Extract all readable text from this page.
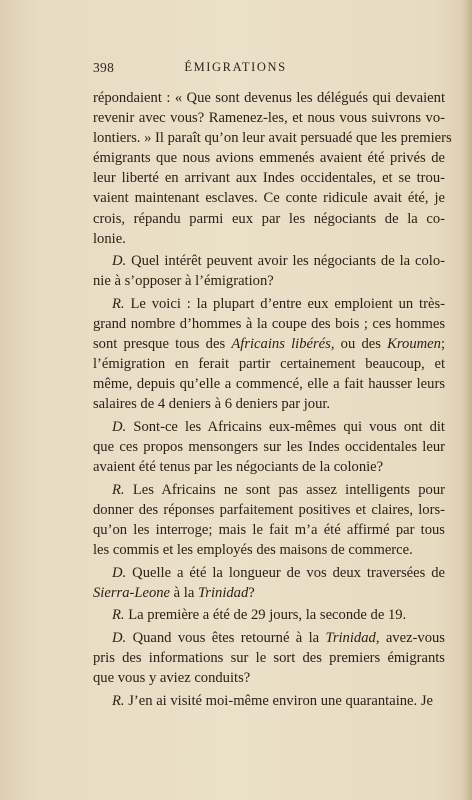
398	ÉMIGRATIONS
répondaient : « Que sont devenus les délégués qui devaient
revenir avec vous? Ramenez-les, et nous vous suivrons vo-
lontiers. » Il paraît qu’on leur avait persuadé que les premiers
émigrants que nous avions emmenés avaient été privés de
leur liberté en arrivant aux Indes occidentales, et se trou-
vaient maintenant esclaves. Ce conte ridicule avait été, je
crois, répandu parmi eux par les négociants de la co-
lonie.
D. Quel intérêt peuvent avoir les négociants de la colo-
nie à s’opposer à l’émigration?
R. Le voici : la plupart d’entre eux emploient un très-
grand nombre d’hommes à la coupe des bois ; ces hommes
sont presque tous des Africains libérés, ou des Kroumen;
l’émigration en ferait partir certainement beaucoup, et
même, depuis qu’elle a commencé, elle a fait hausser leurs
salaires de 4 deniers à 6 deniers par jour.
D. Sont-ce les Africains eux-mêmes qui vous ont dit
que ces propos mensongers sur les Indes occidentales leur
avaient été tenus par les négociants de la colonie?
R. Les Africains ne sont pas assez intelligents pour
donner des réponses parfaitement positives et claires, lors-
qu’on les interroge; mais le fait m’a été affirmé par tous
les commis et les employés des maisons de commerce.
D. Quelle a été la longueur de vos deux traversées de
Sierra-Leone à la Trinidad?
R. La première a été de 29 jours, la seconde de 19.
D. Quand vous êtes retourné à la Trinidad, avez-vous
pris des informations sur le sort des premiers émigrants
que vous y aviez conduits?
R. J’en ai visité moi-même environ une quarantaine. Je
